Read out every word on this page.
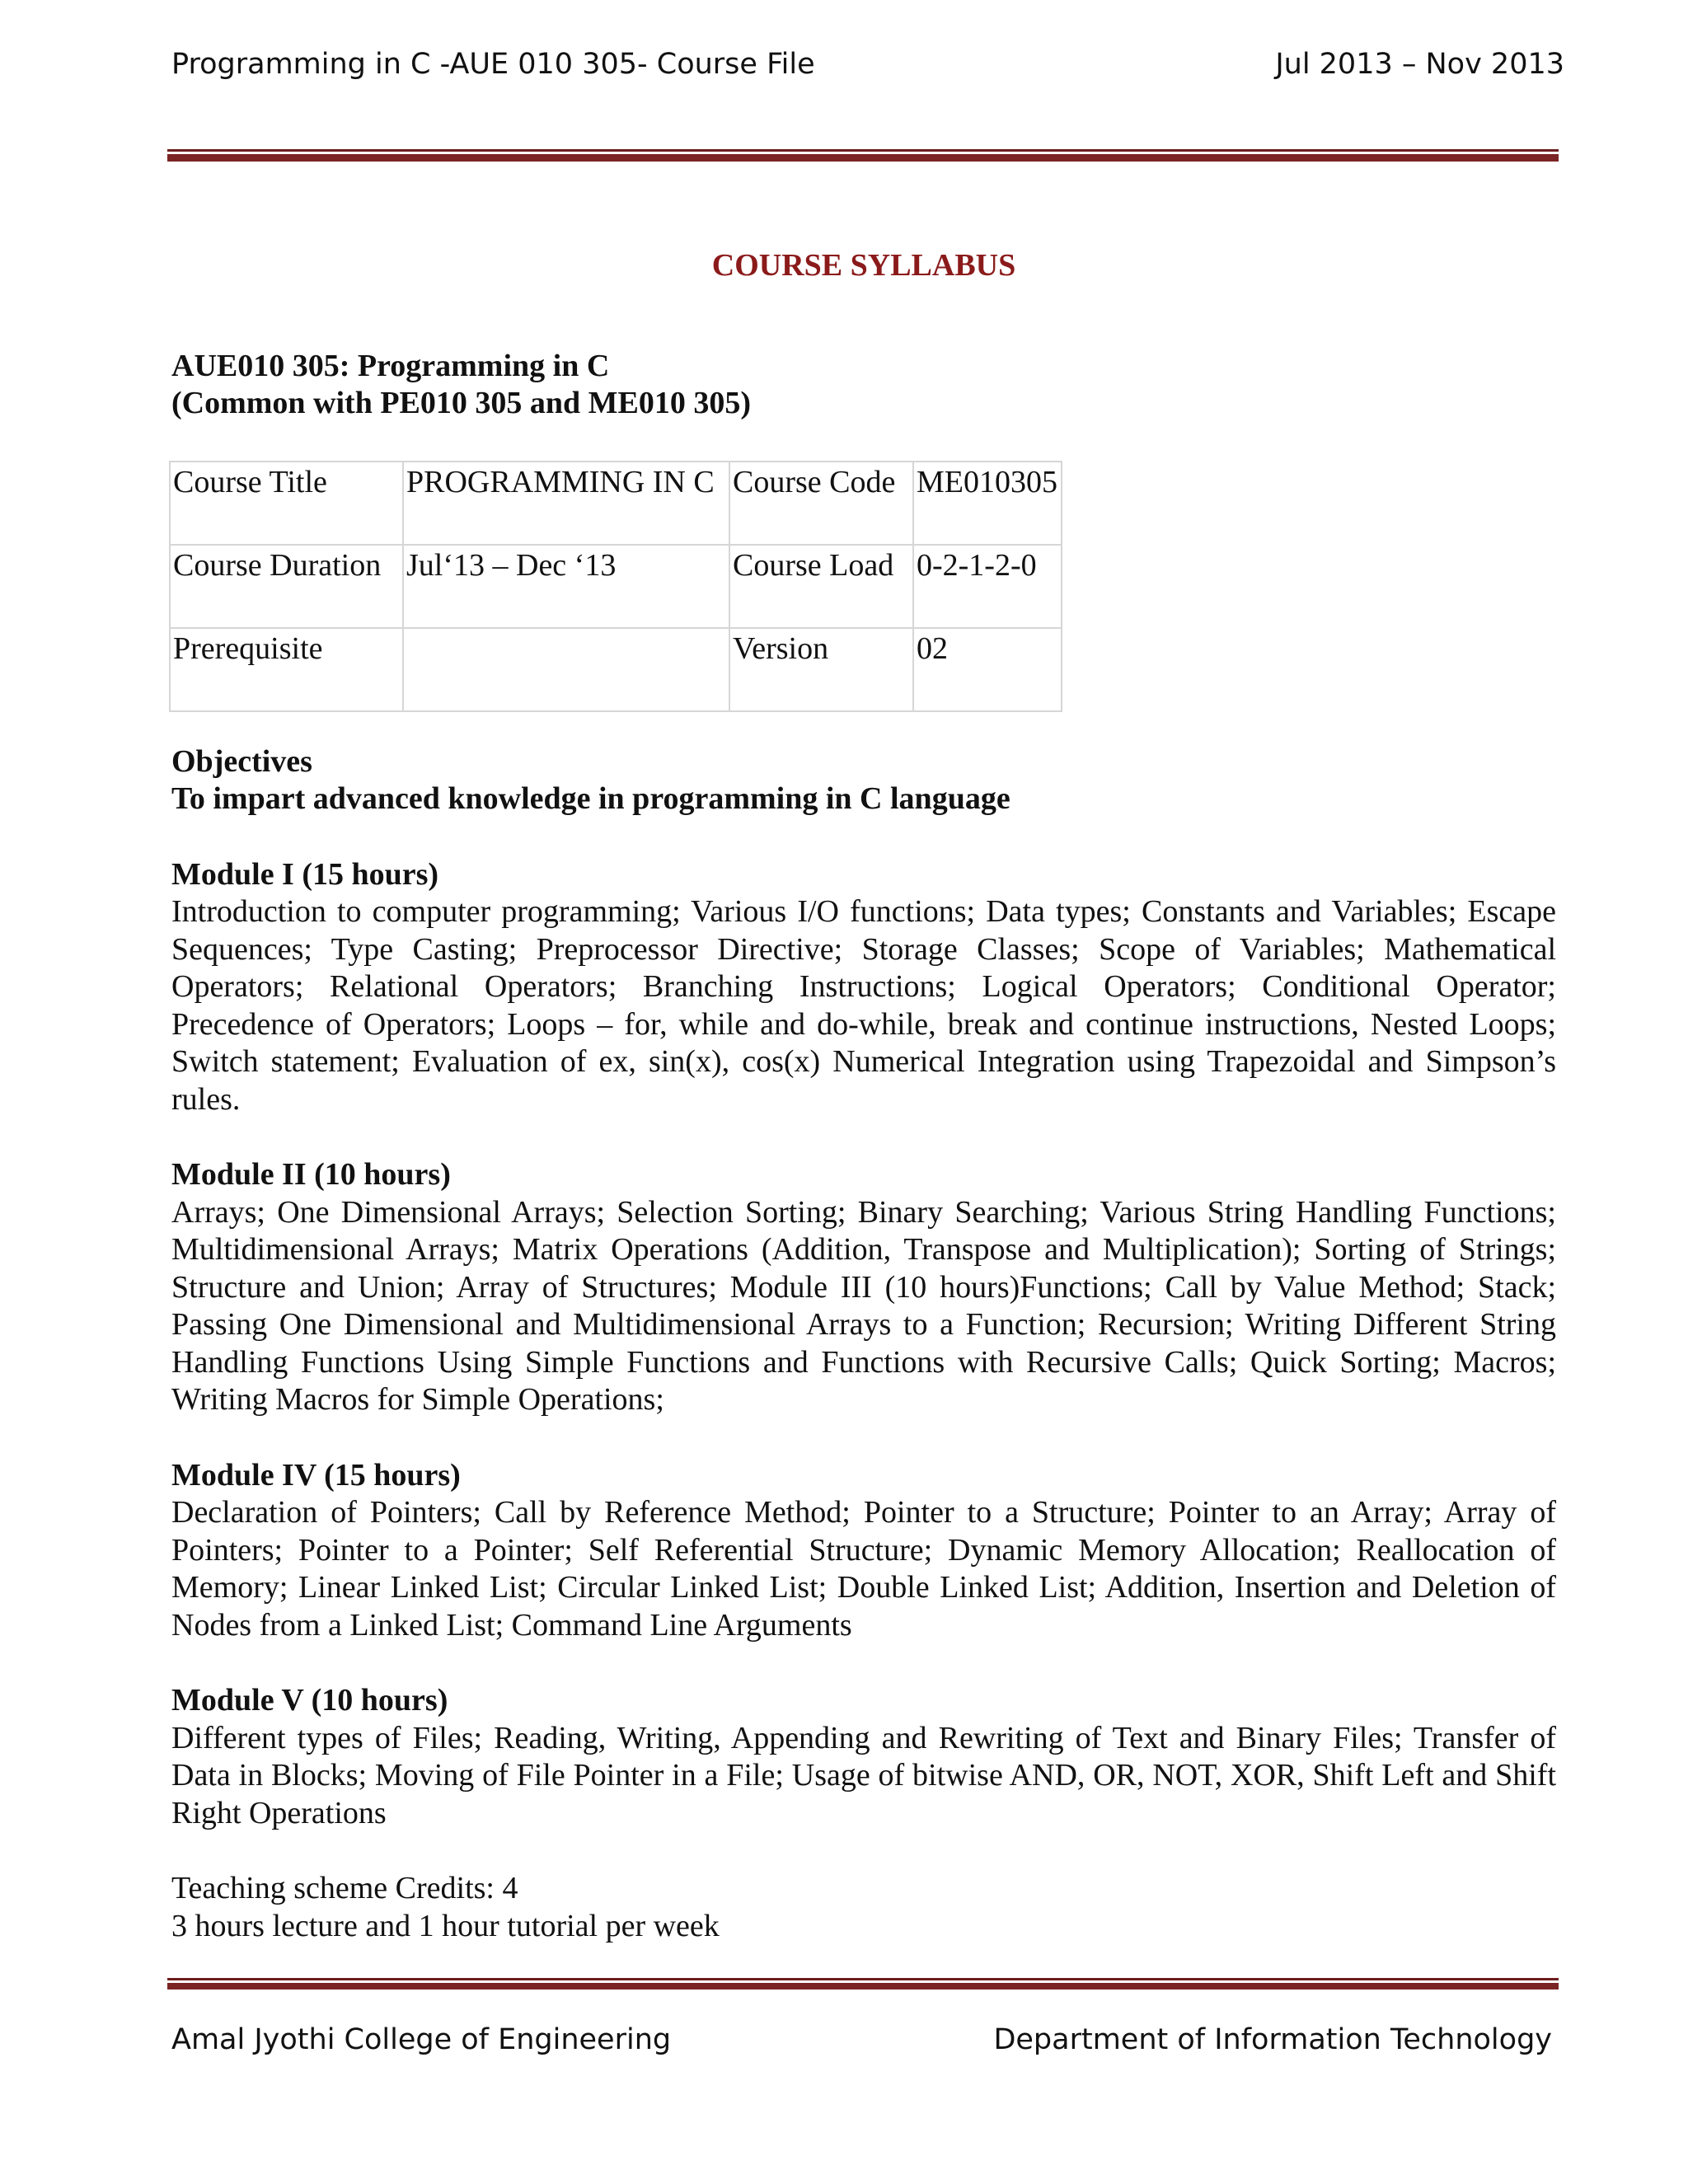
Programming in C -AUE 010 305- Course File	Jul 2013 – Nov 2013
COURSE SYLLABUS

AUE010 305: Programming in C

(Common with PE010 305 and ME010 305)

Course Title	PROGRAMMING IN C	Course Code	ME010305
Course Duration	Jul‘13 – Dec ‘13	Course Load	0-2-1-2-0
Prerequisite		Version	02
Objectives

To impart advanced knowledge in programming in C language

Module I (15 hours)

Introduction to computer programming; Various I/O functions; Data types; Constants and Variables; Escape Sequences; Type Casting; Preprocessor Directive; Storage Classes; Scope of Variables; Mathematical Operators; Relational Operators; Branching Instructions; Logical Operators; Conditional Operator; Precedence of Operators; Loops – for, while and do-while, break and continue instructions, Nested Loops; Switch statement; Evaluation of ex, sin(x), cos(x) Numerical Integration using Trapezoidal and Simpson’s rules.

Module II (10 hours)

Arrays; One Dimensional Arrays; Selection Sorting; Binary Searching; Various String Handling Functions; Multidimensional Arrays; Matrix Operations (Addition, Transpose and Multiplication); Sorting of Strings; Structure and Union; Array of Structures; Module III (10 hours)Functions; Call by Value Method; Stack; Passing One Dimensional and Multidimensional Arrays to a Function; Recursion; Writing Different String Handling Functions Using Simple Functions and Functions with Recursive Calls; Quick Sorting; Macros; Writing Macros for Simple Operations;

Module IV (15 hours)

Declaration of Pointers; Call by Reference Method; Pointer to a Structure; Pointer to an Array; Array of Pointers; Pointer to a Pointer; Self Referential Structure; Dynamic Memory Allocation; Reallocation of Memory; Linear Linked List; Circular Linked List; Double Linked List; Addition, Insertion and Deletion of Nodes from a Linked List; Command Line Arguments

Module V (10 hours)

Different types of Files; Reading, Writing, Appending and Rewriting of Text and Binary Files; Transfer of Data in Blocks; Moving of File Pointer in a File; Usage of bitwise AND, OR, NOT, XOR, Shift Left and Shift Right Operations

Teaching scheme Credits: 4

3 hours lecture and 1 hour tutorial per week

Amal Jyothi College of Engineering	Department of Information Technology
